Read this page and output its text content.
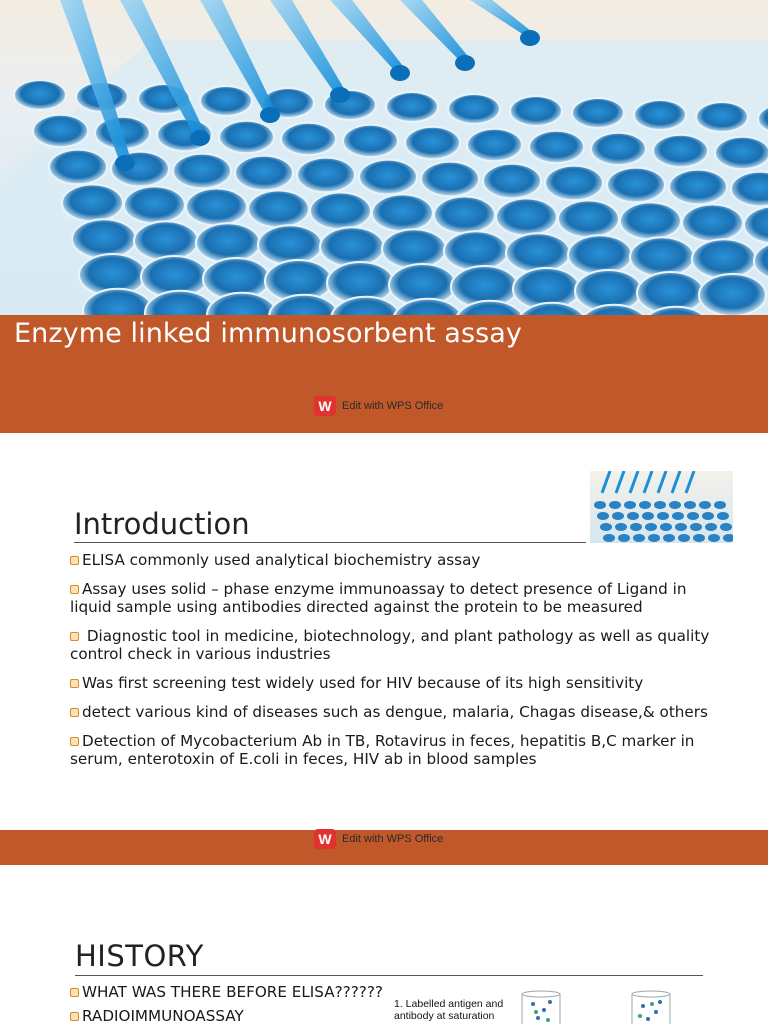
Enzyme linked immunosorbent assay
W Edit with WPS Office
Introduction
ELISA commonly used analytical biochemistry assay
Assay uses solid – phase enzyme immunoassay to detect presence of Ligand in liquid sample using antibodies directed against the protein to be measured
Diagnostic tool in medicine, biotechnology, and plant pathology as well as quality control check in various industries
Was first screening test widely used for HIV because of its high sensitivity
detect various kind of diseases such as dengue, malaria, Chagas disease,& others
Detection of Mycobacterium Ab in TB, Rotavirus in feces, hepatitis B,C marker in serum, enterotoxin of E.coli in feces, HIV ab in blood samples
W Edit with WPS Office
HISTORY
WHAT WAS THERE BEFORE ELISA??????
RADIOIMMUNOASSAY
1. Labelled antigen and antibody at saturation
